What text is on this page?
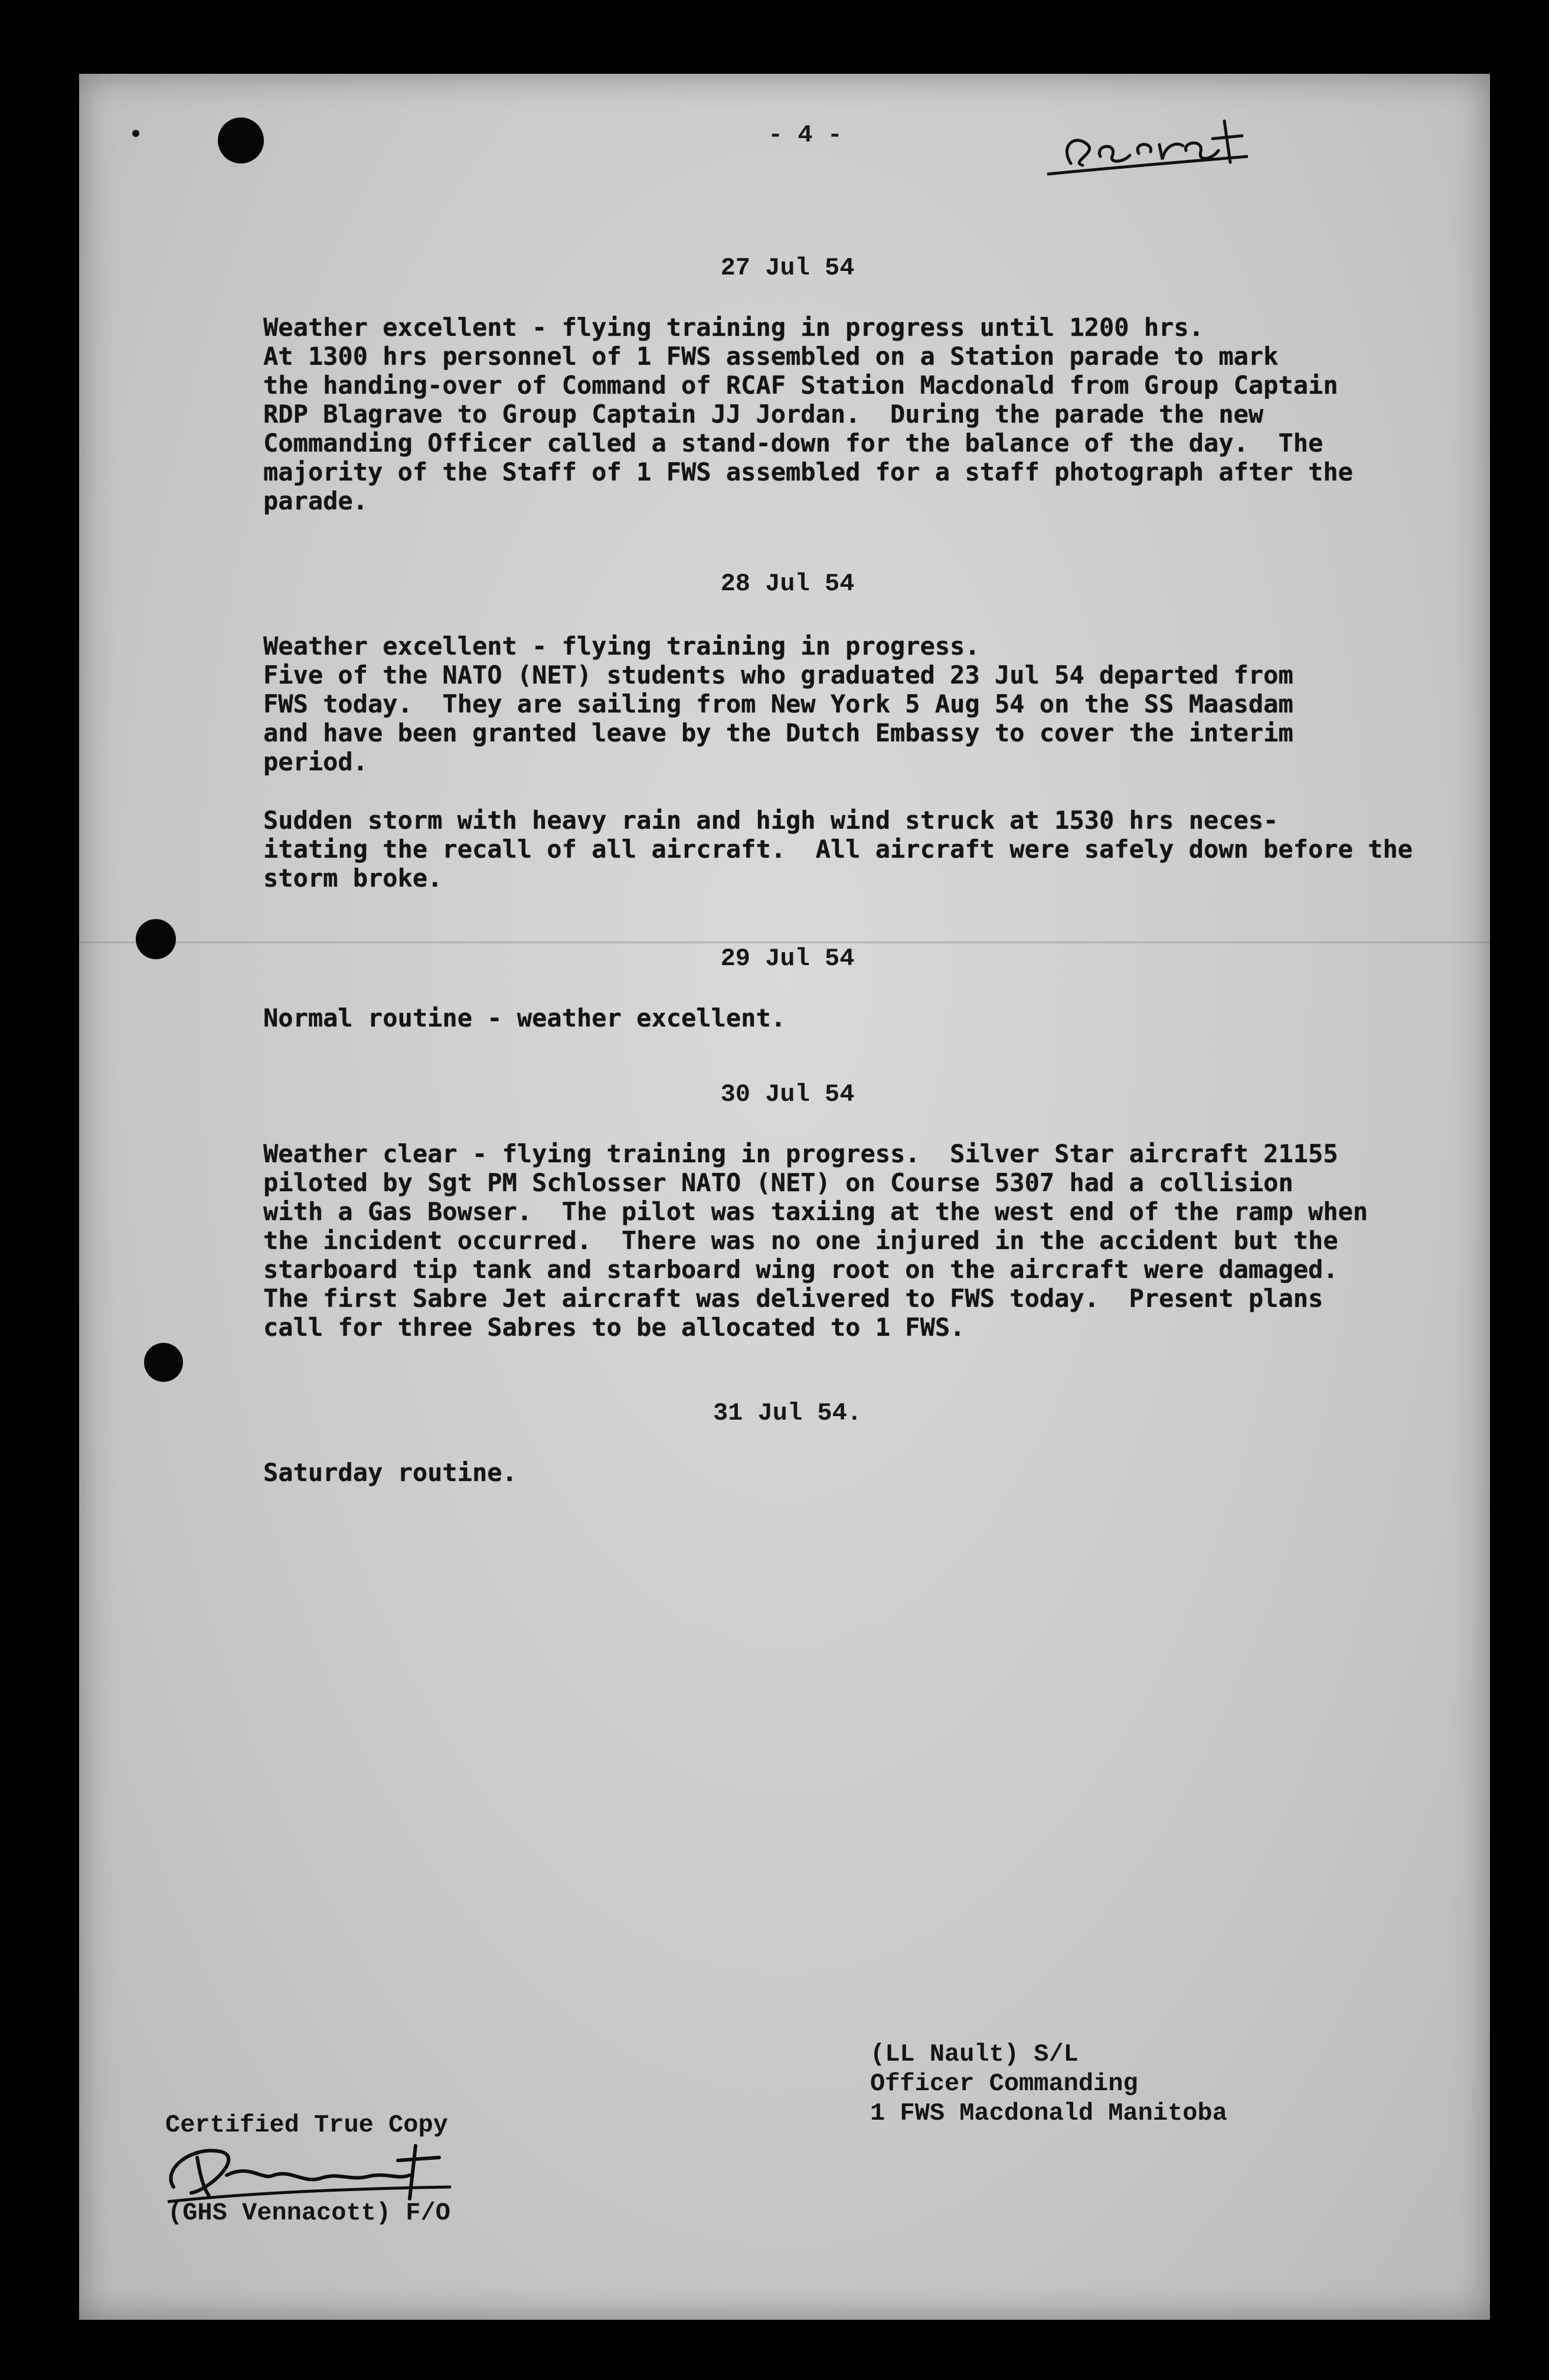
- 4 -
27 Jul 54
Weather excellent - flying training in progress until 1200 hrs.
At 1300 hrs personnel of 1 FWS assembled on a Station parade to mark
the handing-over of Command of RCAF Station Macdonald from Group Captain
RDP Blagrave to Group Captain JJ Jordan.  During the parade the new
Commanding Officer called a stand-down for the balance of the day.  The
majority of the Staff of 1 FWS assembled for a staff photograph after the
parade.
28 Jul 54
Weather excellent - flying training in progress.
Five of the NATO (NET) students who graduated 23 Jul 54 departed from
FWS today.  They are sailing from New York 5 Aug 54 on the SS Maasdam
and have been granted leave by the Dutch Embassy to cover the interim
period.
Sudden storm with heavy rain and high wind struck at 1530 hrs neces-
itating the recall of all aircraft.  All aircraft were safely down before the
storm broke.
29 Jul 54
Normal routine - weather excellent.
30 Jul 54
Weather clear - flying training in progress.  Silver Star aircraft 21155
piloted by Sgt PM Schlosser NATO (NET) on Course 5307 had a collision
with a Gas Bowser.  The pilot was taxiing at the west end of the ramp when
the incident occurred.  There was no one injured in the accident but the
starboard tip tank and starboard wing root on the aircraft were damaged.
The first Sabre Jet aircraft was delivered to FWS today.  Present plans
call for three Sabres to be allocated to 1 FWS.
31 Jul 54.
Saturday routine.
(LL Nault) S/L
Officer Commanding
1 FWS Macdonald Manitoba
Certified True Copy
(GHS Vennacott) F/O
